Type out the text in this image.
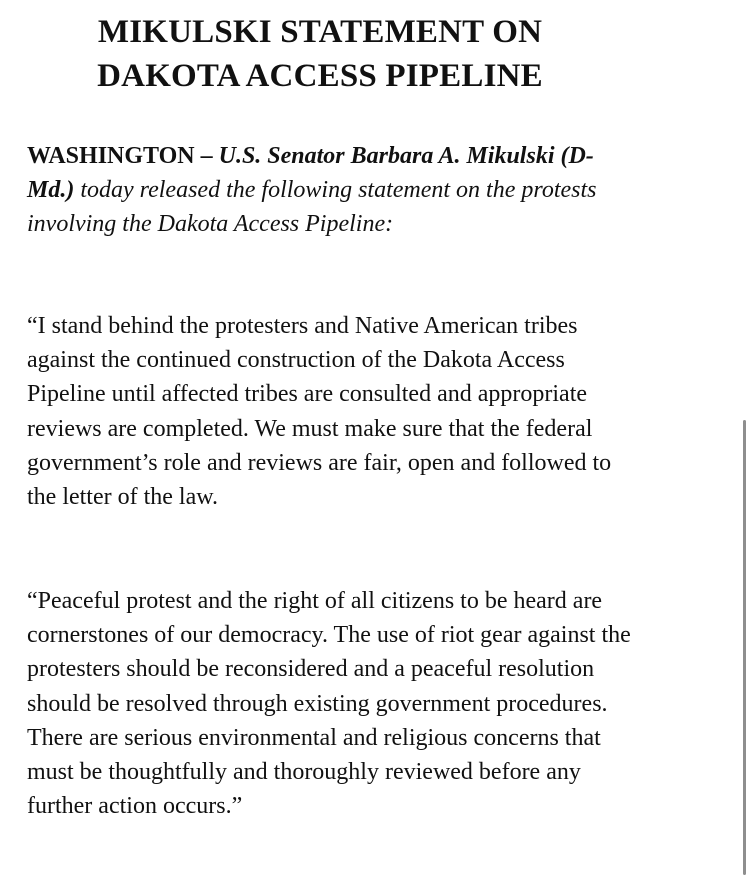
MIKULSKI STATEMENT ON
DAKOTA ACCESS PIPELINE

WASHINGTON – U.S. Senator Barbara A. Mikulski (D-Md.) today released the following statement on the protests involving the Dakota Access Pipeline:

“I stand behind the protesters and Native American tribes against the continued construction of the Dakota Access Pipeline until affected tribes are consulted and appropriate reviews are completed. We must make sure that the federal government’s role and reviews are fair, open and followed to the letter of the law.

“Peaceful protest and the right of all citizens to be heard are cornerstones of our democracy. The use of riot gear against the protesters should be reconsidered and a peaceful resolution should be resolved through existing government procedures. There are serious environmental and religious concerns that must be thoughtfully and thoroughly reviewed before any further action occurs.”
